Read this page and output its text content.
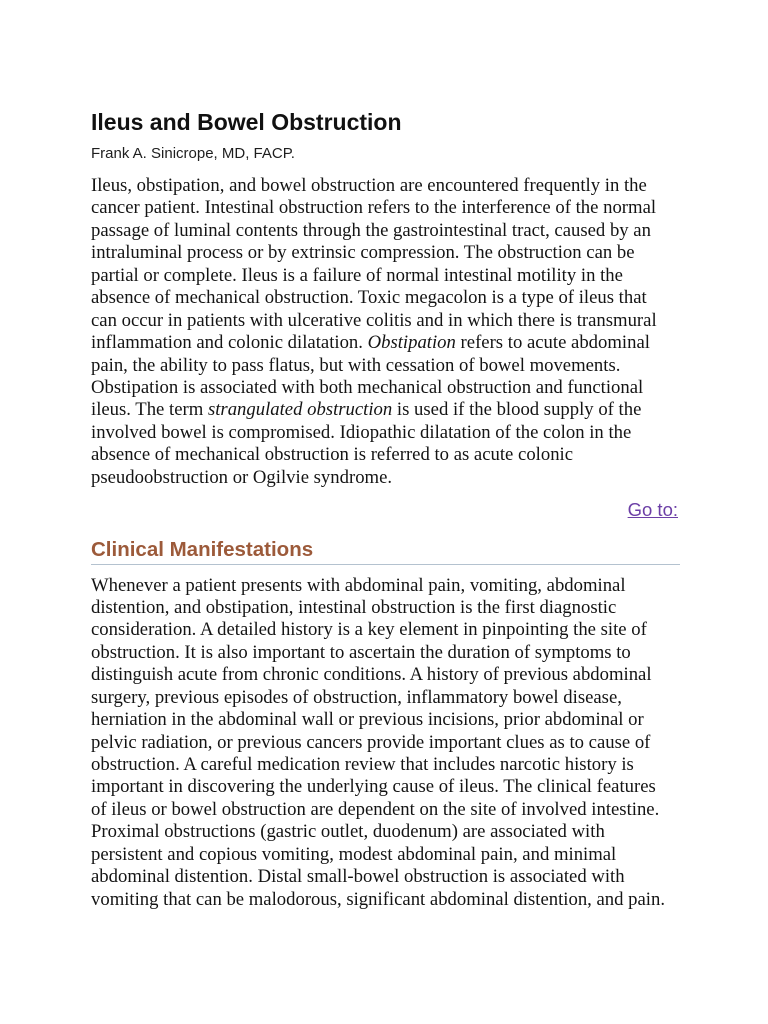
Ileus and Bowel Obstruction
Frank A. Sinicrope, MD, FACP.

Ileus, obstipation, and bowel obstruction are encountered frequently in the
cancer patient. Intestinal obstruction refers to the interference of the normal
passage of luminal contents through the gastrointestinal tract, caused by an
intraluminal process or by extrinsic compression. The obstruction can be
partial or complete. Ileus is a failure of normal intestinal motility in the
absence of mechanical obstruction. Toxic megacolon is a type of ileus that
can occur in patients with ulcerative colitis and in which there is transmural
inflammation and colonic dilatation. Obstipation refers to acute abdominal
pain, the ability to pass flatus, but with cessation of bowel movements.
Obstipation is associated with both mechanical obstruction and functional
ileus. The term strangulated obstruction is used if the blood supply of the
involved bowel is compromised. Idiopathic dilatation of the colon in the
absence of mechanical obstruction is referred to as acute colonic
pseudoobstruction or Ogilvie syndrome.

Go to:
Clinical Manifestations

Whenever a patient presents with abdominal pain, vomiting, abdominal
distention, and obstipation, intestinal obstruction is the first diagnostic
consideration. A detailed history is a key element in pinpointing the site of
obstruction. It is also important to ascertain the duration of symptoms to
distinguish acute from chronic conditions. A history of previous abdominal
surgery, previous episodes of obstruction, inflammatory bowel disease,
herniation in the abdominal wall or previous incisions, prior abdominal or
pelvic radiation, or previous cancers provide important clues as to cause of
obstruction. A careful medication review that includes narcotic history is
important in discovering the underlying cause of ileus. The clinical features
of ileus or bowel obstruction are dependent on the site of involved intestine.
Proximal obstructions (gastric outlet, duodenum) are associated with
persistent and copious vomiting, modest abdominal pain, and minimal
abdominal distention. Distal small-bowel obstruction is associated with
vomiting that can be malodorous, significant abdominal distention, and pain.
